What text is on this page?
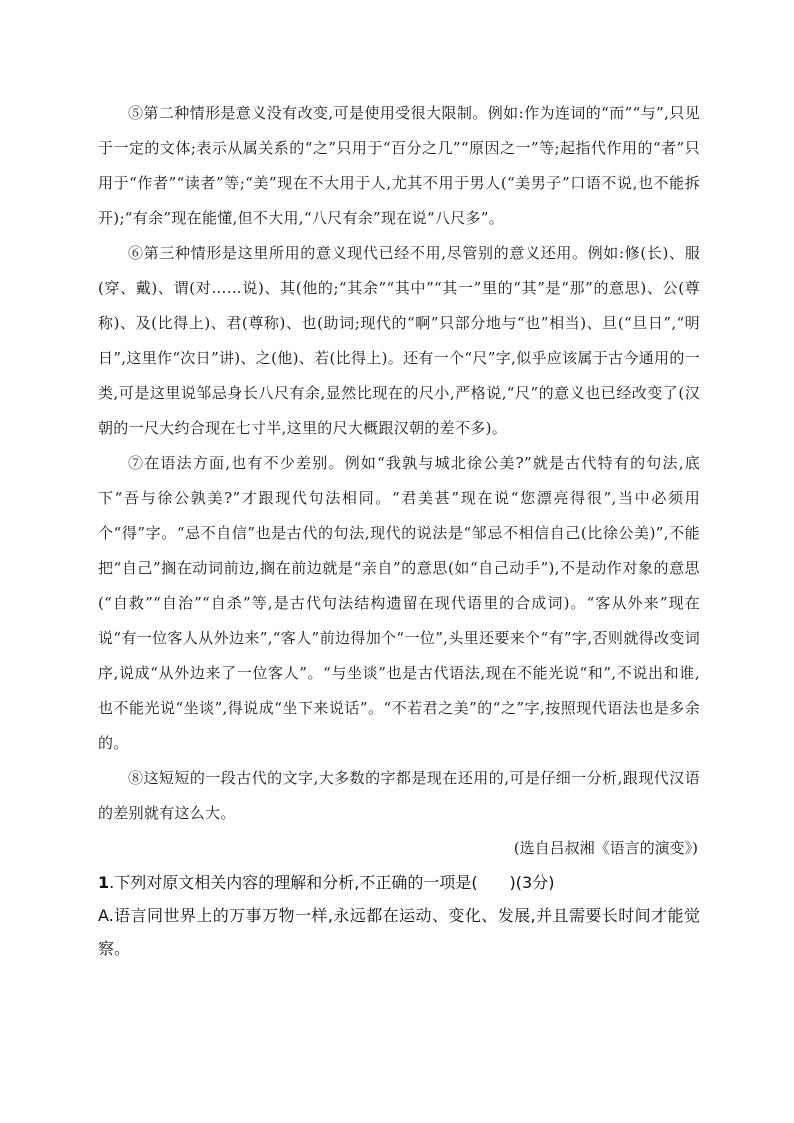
⑤第二种情形是意义没有改变,可是使用受很大限制。例如:作为连词的“而”“与”,只见于一定的文体;表示从属关系的“之”只用于“百分之几”“原因之一”等;起指代作用的“者”只用于“作者”“读者”等;“美”现在不大用于人,尤其不用于男人(“美男子”口语不说,也不能拆开);“有余”现在能懂,但不大用,“八尺有余”现在说“八尺多”。

⑥第三种情形是这里所用的意义现代已经不用,尽管别的意义还用。例如:修(长)、服(穿、戴)、谓(对……说)、其(他的;“其余”“其中”“其一”里的“其”是“那”的意思)、公(尊称)、及(比得上)、君(尊称)、也(助词;现代的“啊”只部分地与“也”相当)、旦(“旦日”,“明日”,这里作“次日”讲)、之(他)、若(比得上)。还有一个“尺”字,似乎应该属于古今通用的一类,可是这里说邹忌身长八尺有余,显然比现在的尺小,严格说,“尺”的意义也已经改变了(汉朝的一尺大约合现在七寸半,这里的尺大概跟汉朝的差不多)。

⑦在语法方面,也有不少差别。例如“我孰与城北徐公美?”就是古代特有的句法,底下“吾与徐公孰美?”才跟现代句法相同。“君美甚”现在说“您漂亮得很”,当中必须用个“得”字。“忌不自信”也是古代的句法,现代的说法是“邹忌不相信自己(比徐公美)”,不能把“自己”搁在动词前边,搁在前边就是“亲自”的意思(如“自己动手”),不是动作对象的意思(“自救”“自治”“自杀”等,是古代句法结构遗留在现代语里的合成词)。“客从外来”现在说“有一位客人从外边来”,“客人”前边得加个“一位”,头里还要来个“有”字,否则就得改变词序,说成“从外边来了一位客人”。“与坐谈”也是古代语法,现在不能光说“和”,不说出和谁,也不能光说“坐谈”,得说成“坐下来说话”。“不若君之美”的“之”字,按照现代语法也是多余的。

⑧这短短的一段古代的文字,大多数的字都是现在还用的,可是仔细一分析,跟现代汉语的差别就有这么大。

(选自吕叔湘《语言的演变》)

1.下列对原文相关内容的理解和分析,不正确的一项是(　　)(3分)

A.语言同世界上的万事万物一样,永远都在运动、变化、发展,并且需要长时间才能觉察。
